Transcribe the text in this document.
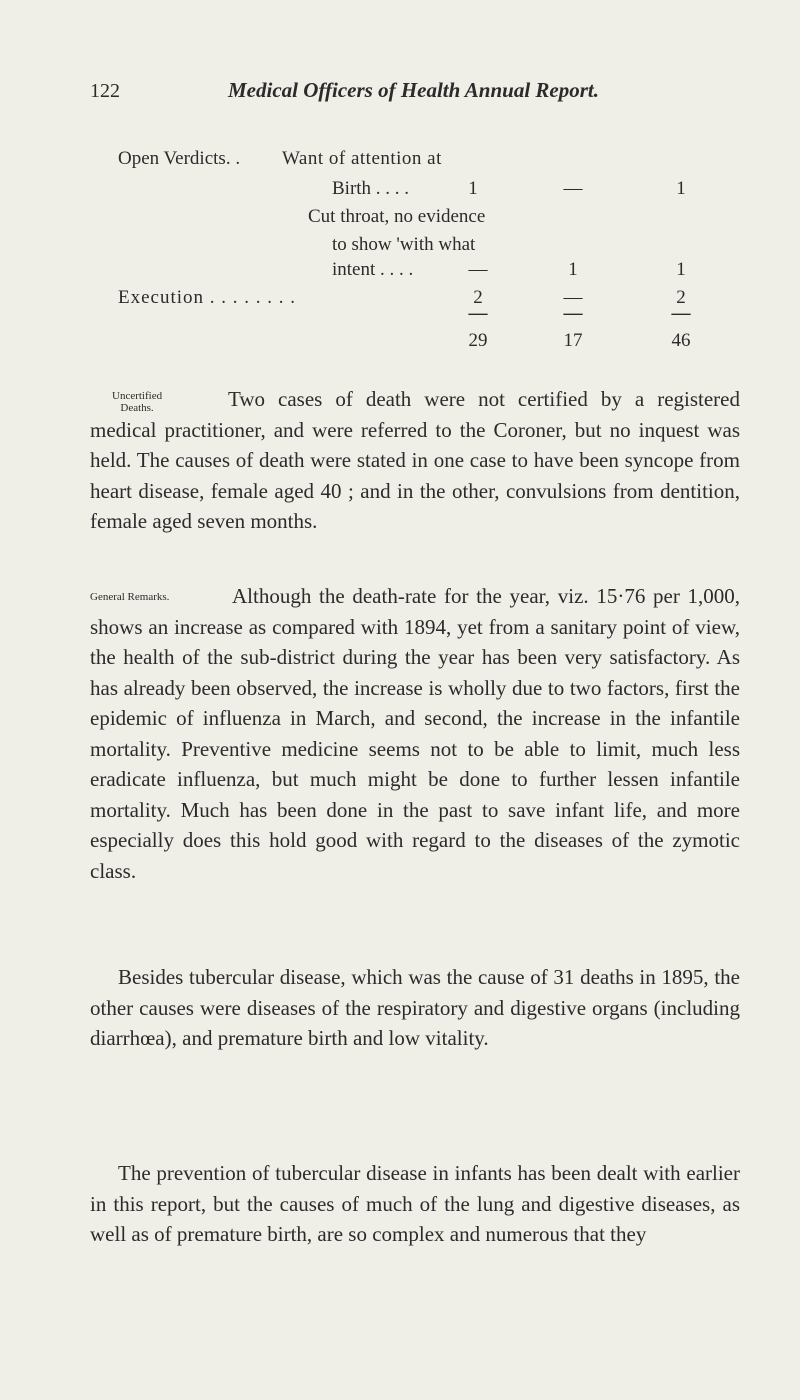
122	Medical Officers of Health Annual Report.
Open Verdicts. . Want of attention at
Birth . . . .	1	—	1
Cut throat, no evidence
to show 'with what
intent . . . .	—	1	1
Execution . . . . . . . .	2	—	2
—	—	—
29	17	46
Uncertified
Deaths.	Two cases of death were not certified by a registered medical practitioner, and were referred to the Coroner, but no inquest was held. The causes of death were stated in one case to have been syncope from heart disease, female aged 40 ; and in the other, convulsions from dentition, female aged seven months.
General Remarks.	Although the death-rate for the year, viz. 15·76 per 1,000, shows an increase as compared with 1894, yet from a sanitary point of view, the health of the sub-district during the year has been very satisfactory. As has already been observed, the increase is wholly due to two factors, first the epidemic of influenza in March, and second, the increase in the infantile mortality. Preventive medicine seems not to be able to limit, much less eradicate influenza, but much might be done to further lessen infantile mortality. Much has been done in the past to save infant life, and more especially does this hold good with regard to the diseases of the zymotic class.
Besides tubercular disease, which was the cause of 31 deaths in 1895, the other causes were diseases of the respiratory and digestive organs (including diarrhœa), and premature birth and low vitality.
The prevention of tubercular disease in infants has been dealt with earlier in this report, but the causes of much of the lung and digestive diseases, as well as of premature birth, are so complex and numerous that they
